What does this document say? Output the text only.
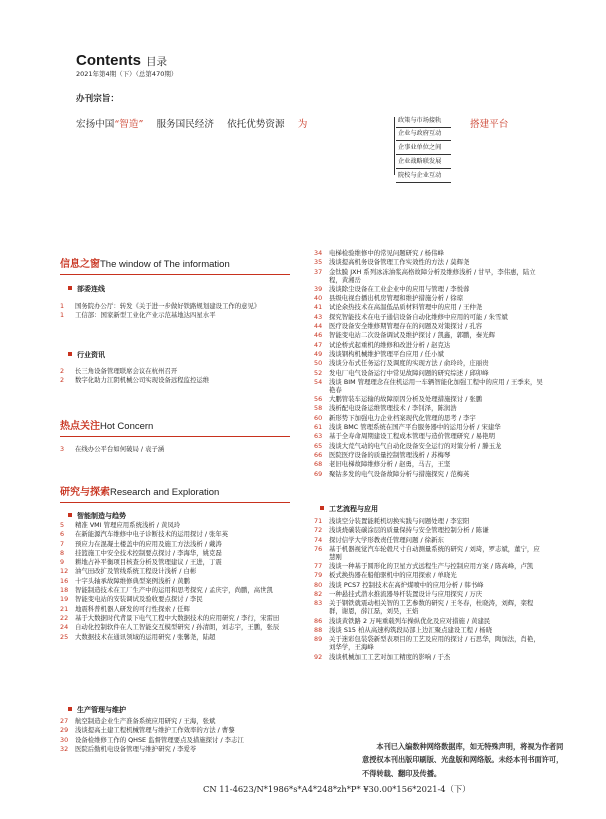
Contents 目录
2021年第4期（下）（总第470期）
办刊宗旨：
宏扬中国“智造” 服务国民经济 依托优势资源 为	搭建平台
政策与市场接轨
企业与政府互动
企事业单位之间
企业战略联发展
院校与企业互动
信息之窗The window of The information
部委连线
1	国务院办公厅：转发《关于进一步做好铁路规划建设工作的意见》
1	工信部：国家新型工业化产业示范基地达四星水平
行业资讯
2	长三角设备管理联席会议在杭州召开
2	数字化助力江阴机械公司实现设备远程监控运维
热点关注Hot Concern
3	在线办公平台如何破局 / 袁子涵
研究与探索Research and Exploration
智能制造与趋势
5	精准 VMI 管理应用系统浅析 / 黄凤玲
6	在新能源汽车维修中电子诊断技术的运用探讨 / 张年英
7	预应力在混凝土楼盖中的应用及施工方法浅析 / 戴涛
8	挂篮施工中安全技术控制要点探讨 / 李海华，姚克磊
9	耕地占补平衡项目核查分析及管理建议 / 王进，丁震
12	油气田改扩及管线系统工程设计浅析 / 白彬
16	十字头轴承故障维修典型案例浅析 / 黄鹏
18	智能制造技术在工厂生产中的运用和思考探究 / 孟庆宇，尚鹏，高世凯
19	智能变电站的安装调试及验收要点探讨 / 李民
21	地震科普机器人研发的可行性探索 / 任辉
22	基于大数据时代背景下电气工程中大数据技术的应用研究 / 李行，宋雷田
24	自动化控制软件在人工智能交互模型研究 / 孙清朗，刘志宇，王鹏，张辰
25	大数据技术在通讯领域的运用研究 / 张馨尧，陆超
生产管理与维护
27	航空制造企业生产准备系统应用研究 / 王海，张斌
29	浅谈提高土建工程机械管理与维护工作效率的方法 / 曹黎
30	设备检维修工作的 QHSE 监督管理要点及措施探讨 / 李志江
32	医院后勤机电设备管理与维护研究 / 李爱苓
34	电梯检验维修中的常见问题研究 / 杨伟峰
35	浅谈提高机务设备管理工作实效性的方法 / 莫辉尧
37	金钛膜 JXH 系列冰冻油浆高格故障分析及维修浅析 / 甘早，李伟惠，陆立程，黄湘岳
39	浅谈除尘设备在工业企业中的应用与管理 / 李悦蓉
40	县级电视台播出机房管理和维护措施分析 / 徐琼
41	试论余热技术在高温低品质材料管理中的应用 / 王仲尧
43	探究智能技术在电子通信设备自动化维修中应用的可能 / 朱雪斌
44	医疗设备安全维修期管理存在的问题及对策探讨 / 孔容
46	智能变电站二次设备调试及维护探讨 / 凯鑫，郭鹏，秦光辉
47	试论桥式起重机的维修和改进分析 / 赵克达
49	浅谈钢构机械维护管理平台应用 / 任小斌
50	浅谈分布式任务运行及调度的实现方法 / 俞玲玲，庄丽贵
52	发电厂电气设备运行中常见故障问题的研究综述 / 邱卯峰
54	浅谈 BIM 管理理念在住机运用一车辆智能化加强工程中的应用 / 王季来，吴艳春
56	大鹏管装车运输的故障原因分析及处理措施探讨 / 张鹏
58	浅析配电设备运维管理技术 / 李钊泽，陈润浩
60	新形势下加强电力企业档案现代化管理的思考 / 李宇
61	浅谈 BMC 管理系统在国产平台服务器中的运用分析 / 宋建华
63	基于全寿命周期建设工程成本管理与造价管理研究 / 易艳明
65	浅谈大荒气动的电气自动化设备安全运行的对策分析 / 滕玉龙
66	医院医疗设备的质量控制管理浅析 / 苏梅琴
68	老旧电梯故障维修分析 / 赵勇，马吉，王坚
69	聚钴多发的电气设备故障分析与措施探究 / 范梅英
工艺流程与应用
71	浅谈空分装置能耗机切换实践与问题处理 / 李宏阳
72	浅谈烧碳装碳涂层的质量保持与安全管理控制分析 / 陈谦
74	探讨信学大学形教责任管理问题 / 徐新东
76	基于机器视觉汽车轮毂尺寸自动测量系统的研究 / 刘琦，罗志斌，董宁，应慧刚
77	浅谈一种基于圆形化的卫星方式远程生产与控制应用方案 / 陈高峰，卢凯
79	板式换热器在船舶驱机中的应用探索 / 单晓光
80	浅谈 PCS7 控制技术在高炉煤喷中的应用分析 / 韩书峰
82	一种悬挂式潜水推流器导杆装置设计与应用探究 / 万庆
83	关于钢铁就震动相关智的工艺参数的研究 / 王冬春，杜晓涛，刘辉，栾程群，谢恩，薛江磊，刘昊，王焰
86	浅谈黄铁路 2 万吨重载列车操纵优化及应对措施 / 黄建民
88	浅谈 S15 柏从高速构筑段局部上边汇聚点建设工程 / 杨晓
89	关于迷彩包装袋新型表项目的工艺及应用的探讨 / 石思华，陶加法，肖艳，刘华学，王海峰
92	浅谈机械加工工艺对加工精度的影响 / 于杰
本刊已入编数种网络数据库，如无特殊声明，将视为作者同意授权本刊出版印刷版、光盘版和网络版。未经本刊书面许可，不得转载、翻印及传播。
CN 11-4623/N*1986*s*A4*248*zh*P* ¥30.00*156*2021-4（下）
